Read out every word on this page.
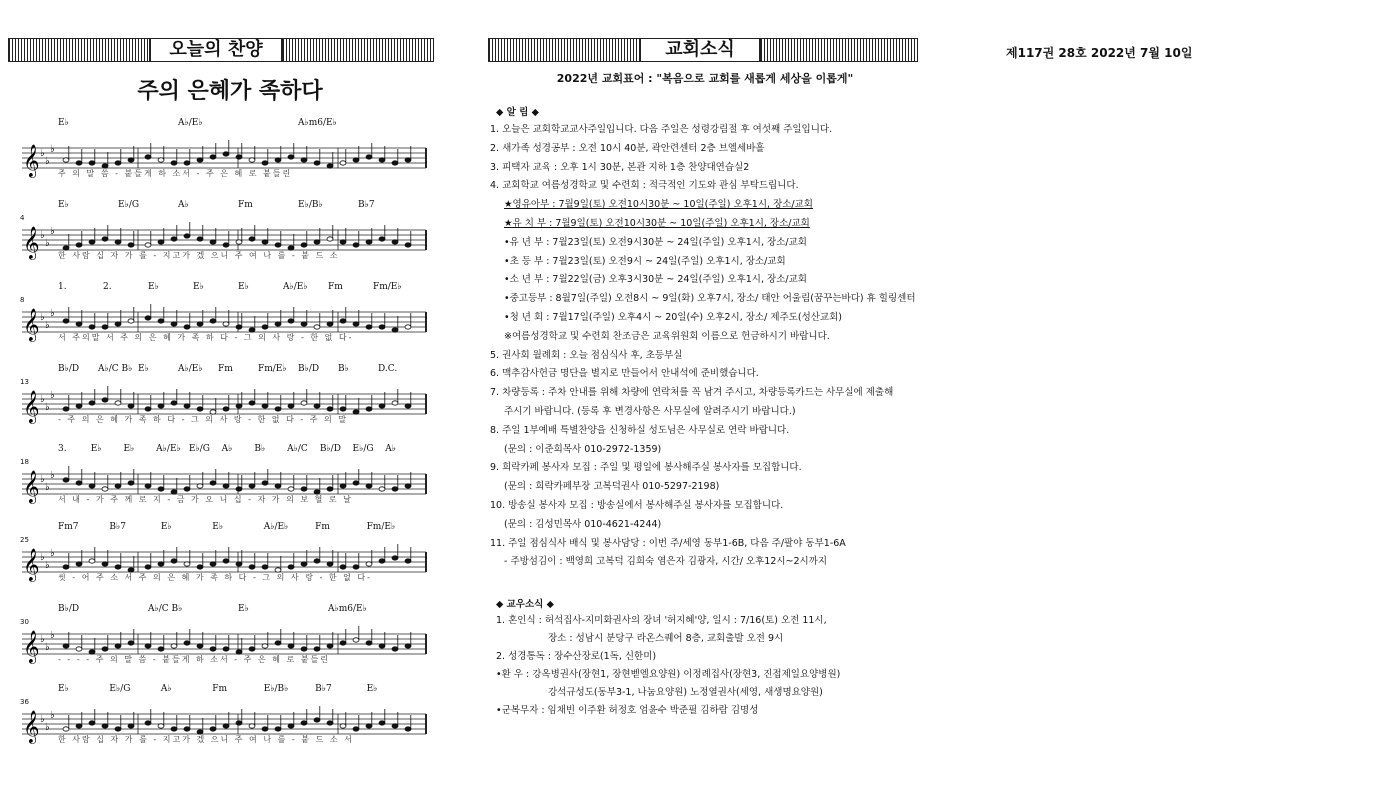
오늘의 찬양
주의 은혜가 족하다
E♭	A♭/E♭	A♭m6/E♭
𝄞 ♭
♭
♭
주 의 말 씀 - 붙들게 하 소서 - 주 은 혜 로 붙들린
E♭	E♭/G	A♭	Fm	E♭/B♭	B♭7
4
𝄞 ♭
♭
♭
한 사람 십 자 가 를 - 지고가 겠 으니 주 여 나 를 - 붙 드 소
1.	2.	E♭	E♭	E♭	A♭/E♭ Fm	Fm/E♭
8
𝄞 ♭
♭
♭
서 주의말 서 주 의 은 혜 가 족 하 다 - 그 의 사 랑 - 한 없 다-
B♭/D A♭/C B♭ E♭	A♭/E♭ Fm	Fm/E♭ B♭/D B♭	D.C.
13
𝄞 ♭
♭
♭
- 주 의 은 혜 가 족 하 다 - 그 의 사 랑 - 한 없 다 - 주 의 말
3.	E♭ E♭ A♭/E♭ E♭/G A♭ B♭ A♭/C B♭/D E♭/G A♭
18
𝄞 ♭
♭
♭
서 내 - 가 주 께 로 지 - 금 가 오 니 십 - 자 가 의 보 혈 로 날
Fm7	B♭7	E♭	E♭	A♭/E♭	Fm	Fm/E♭
25
𝄞 ♭
♭
♭
씻 - 어 주 소 서 주 의 은 혜 가 족 하 다 - 그 의 사 랑 - 한 없 다-
B♭/D	A♭/C B♭	E♭	A♭m6/E♭
30
𝄞 ♭
♭
♭
- - - - 주 의 말 씀 - 붙들게 하 소서 - 주 은 혜 로 붙들린
E♭	E♭/G	A♭	Fm	E♭/B♭	B♭7	E♭
36
𝄞 ♭
♭
♭
한 사람 십 자 가 를 - 지고가 겠 으니 주 여 나 를 - 붙 드 소 서
교회소식	제117권 28호 2022년 7월 10일
2022년 교회표어 : "복음으로 교회를 새롭게 세상을 이롭게"
◆ 알 림 ◆
1. 오늘은 교회학교교사주일입니다. 다음 주일은 성령강림절 후 여섯째 주일입니다.
2. 새가족 성경공부 : 오전 10시 40분, 곽안련센터 2층 브엘세바홀
3. 피택자 교육 : 오후 1시 30분, 본관 지하 1층 찬양대연습실2
4. 교회학교 여름성경학교 및 수련회 : 적극적인 기도와 관심 부탁드립니다.
★영유아부 : 7월9일(토) 오전10시30분 ~ 10일(주일) 오후1시, 장소/교회
★유 치 부 : 7월9일(토) 오전10시30분 ~ 10일(주일) 오후1시, 장소/교회
•유 년 부 : 7월23일(토) 오전9시30분 ~ 24일(주일) 오후1시, 장소/교회
•초 등 부 : 7월23일(토) 오전9시 ~ 24일(주일) 오후1시, 장소/교회
•소 년 부 : 7월22일(금) 오후3시30분 ~ 24일(주일) 오후1시, 장소/교회
•중고등부 : 8월7일(주일) 오전8시 ~ 9일(화) 오후7시, 장소/ 태안 어울림(꿈꾸는바다) 휴 힐링센터
•청 년 회 : 7월17일(주일) 오후4시 ~ 20일(수) 오후2시, 장소/ 제주도(성산교회)
※여름성경학교 및 수련회 찬조금은 교육위원회 이름으로 헌금하시기 바랍니다.
5. 권사회 월례회 : 오늘 점심식사 후, 초등부실
6. 맥추감사헌금 명단을 별지로 만들어서 안내석에 준비했습니다.
7. 차량등록 : 주차 안내를 위해 차량에 연락처를 꼭 남겨 주시고, 차량등록카드는 사무실에 제출해
주시기 바랍니다. (등록 후 변경사항은 사무실에 알려주시기 바랍니다.)
8. 주일 1부예배 특별찬양을 신청하실 성도님은 사무실로 연락 바랍니다.
(문의 : 이준희목사 010-2972-1359)
9. 희락카페 봉사자 모집 : 주일 및 평일에 봉사해주실 봉사자를 모집합니다.
(문의 : 희락카페부장 고복덕권사 010-5297-2198)
10. 방송실 봉사자 모집 : 방송실에서 봉사해주실 봉사자를 모집합니다.
(문의 : 김성민목사 010-4621-4244)
11. 주일 점심식사 배식 및 봉사담당 : 이번 주/세영 동부1-6B, 다음 주/팔야 동부1-6A
- 주방섬김이 : 백영희 고복덕 김희숙 염은자 김광자, 시간/ 오후12시~2시까지
◆ 교우소식 ◆
1. 혼인식 : 허석집사-지미화권사의 장녀 '허지혜'양, 일시 : 7/16(토) 오전 11시,
장소 : 성남시 분당구 라온스퀘어 8층, 교회출발 오전 9시
2. 성경통독 : 장수산장로(1독, 신한미)
•환 우 : 강옥병권사(장현1, 장현벧엘요양원) 이정례집사(장현3, 진접제일요양병원)
강석규성도(동부3-1, 나눔요양원) 노정열권사(세영, 새생명요양원)
•군복무자 : 임채빈 이주환 허정호 엄윤수 박준필 김하람 김명성
